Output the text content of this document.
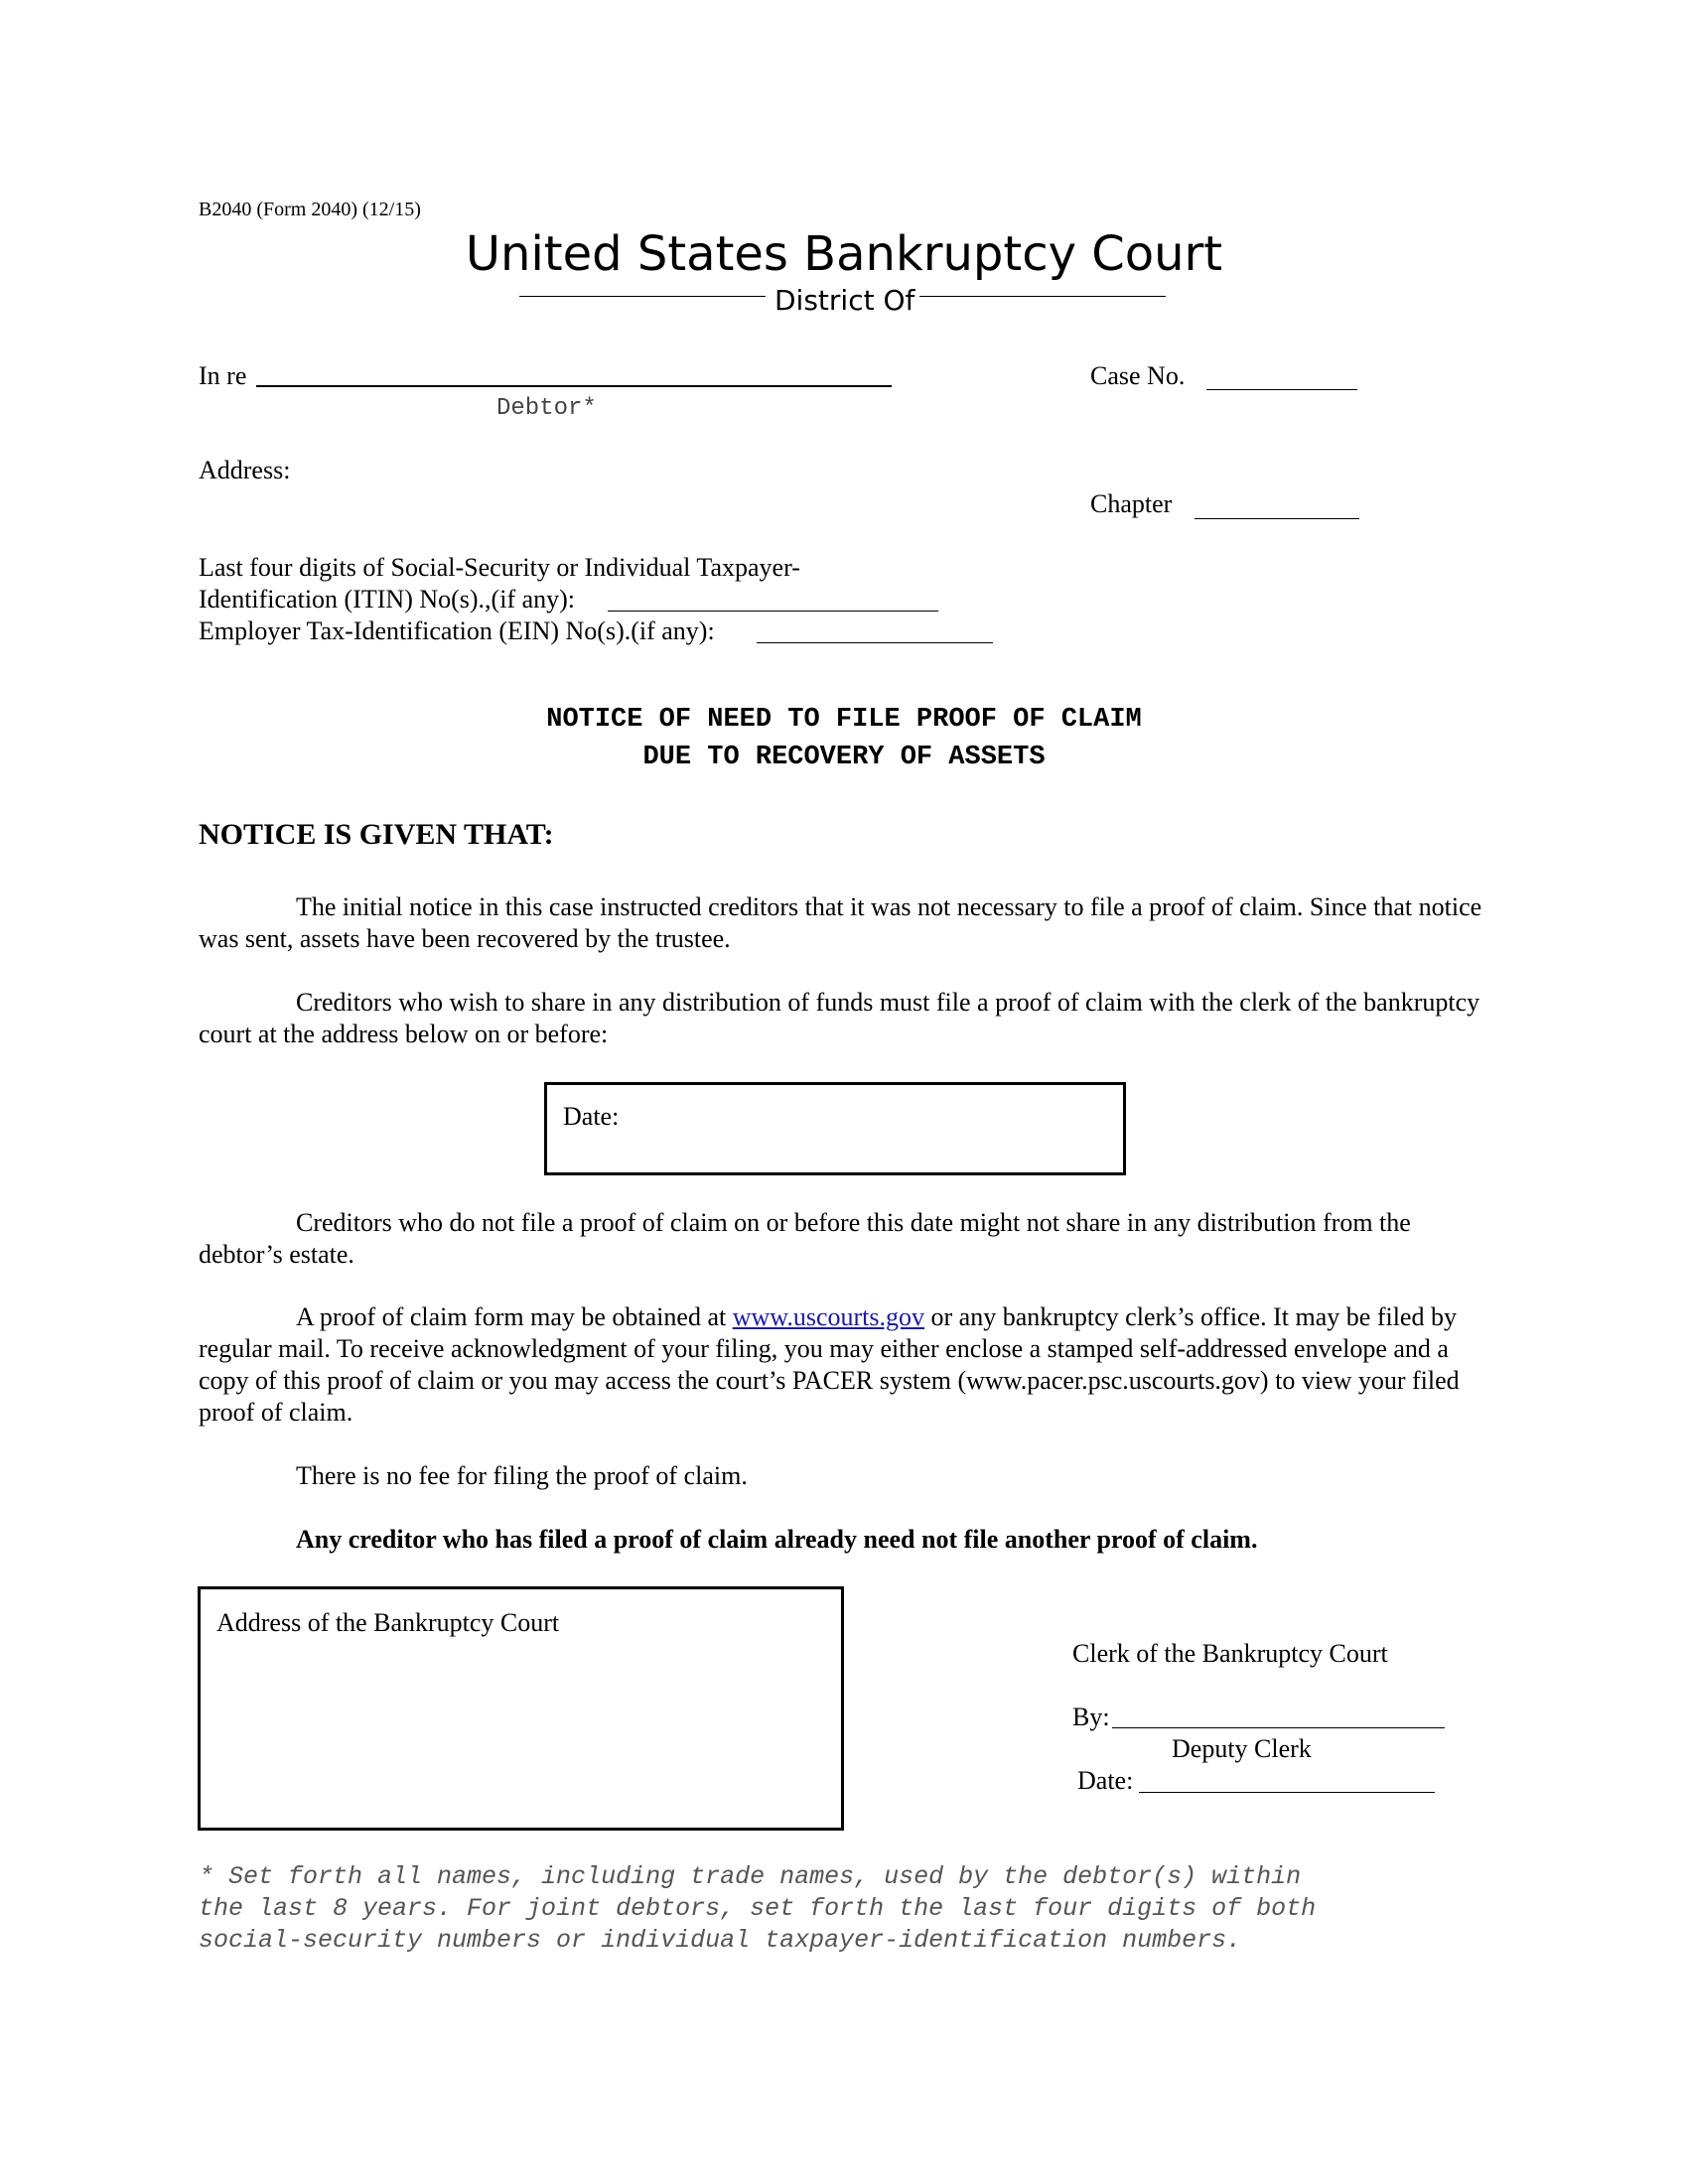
B2040 (Form 2040) (12/15)
United States Bankruptcy Court
District Of
In re
Debtor*
Case No.
Address:
Chapter
Last four digits of Social-Security or Individual Taxpayer-
Identification (ITIN) No(s).,(if any):
Employer Tax-Identification (EIN) No(s).(if any):
NOTICE OF NEED TO FILE PROOF OF CLAIM
DUE TO RECOVERY OF ASSETS
NOTICE IS GIVEN THAT:
The initial notice in this case instructed creditors that it was not necessary to file a proof of claim. Since that notice was sent, assets have been recovered by the trustee.
Creditors who wish to share in any distribution of funds must file a proof of claim with the clerk of the bankruptcy court at the address below on or before:
Date:
Creditors who do not file a proof of claim on or before this date might not share in any distribution from the debtor’s estate.
A proof of claim form may be obtained at www.uscourts.gov or any bankruptcy clerk’s office. It may be filed by regular mail. To receive acknowledgment of your filing, you may either enclose a stamped self-addressed envelope and a copy of this proof of claim or you may access the court’s PACER system (www.pacer.psc.uscourts.gov) to view your filed proof of claim.
There is no fee for filing the proof of claim.
Any creditor who has filed a proof of claim already need not file another proof of claim.
Address of the Bankruptcy Court
Clerk of the Bankruptcy Court
By:
Deputy Clerk
Date:
* Set forth all names, including trade names, used by the debtor(s) within
the last 8 years. For joint debtors, set forth the last four digits of both
social-security numbers or individual taxpayer-identification numbers.
